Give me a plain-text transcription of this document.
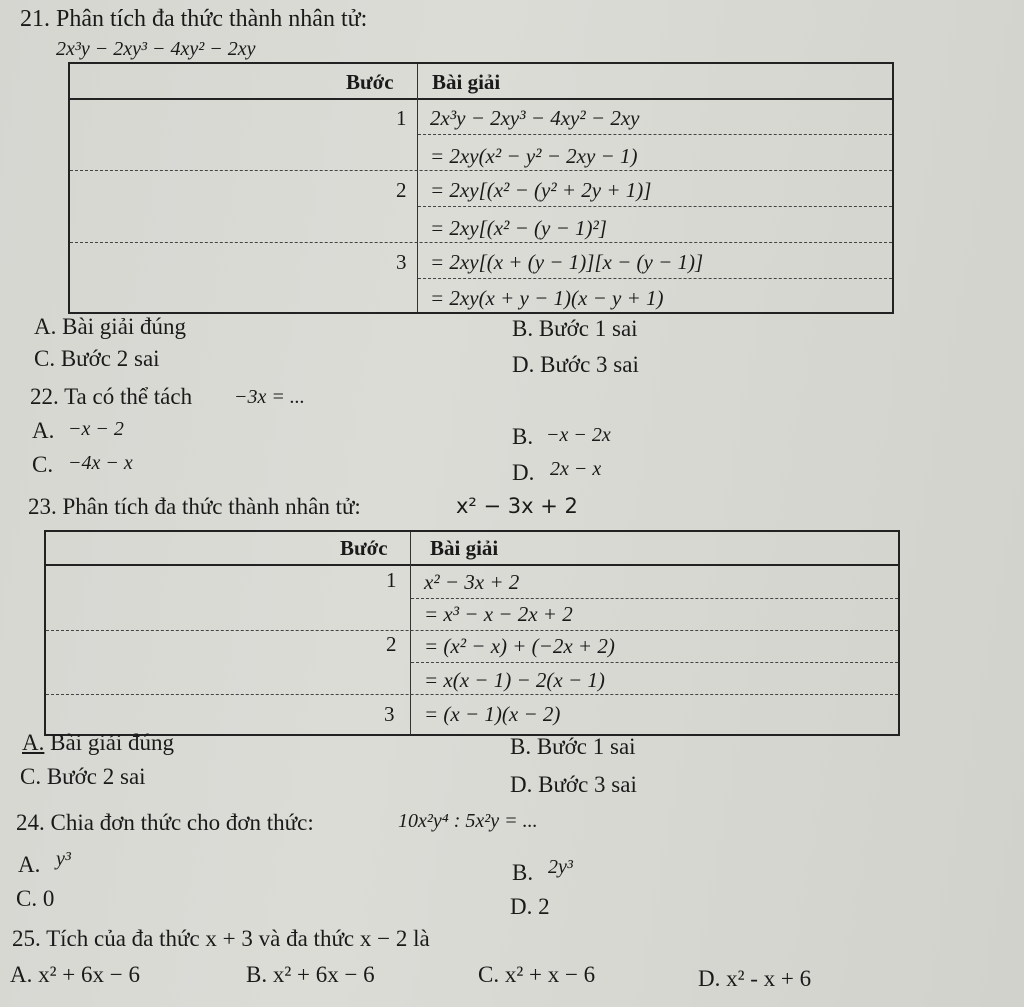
21. Phân tích đa thức thành nhân tử:
2x³y − 2xy³ − 4xy² − 2xy
Bước Bài giải
1 2x³y − 2xy³ − 4xy² − 2xy
= 2xy(x² − y² − 2xy − 1)
2 = 2xy[(x² − (y² + 2y + 1)]
= 2xy[(x² − (y − 1)²]
3 = 2xy[(x + (y − 1)][x − (y − 1)]
= 2xy(x + y − 1)(x − y + 1)
A. Bài giải đúng	B. Bước 1 sai
C. Bước 2 sai	D. Bước 3 sai
22. Ta có thể tách −3x = ...
A. −x − 2	B. −x − 2x
C. −4x − x	D. 2x − x
23. Phân tích đa thức thành nhân tử:	x² − 3x + 2
Bước Bài giải
1 x² − 3x + 2
= x³ − x − 2x + 2
2 = (x² − x) + (−2x + 2)
= x(x − 1) − 2(x − 1)
3 = (x − 1)(x − 2)
A. Bài giải đúng	B. Bước 1 sai
C. Bước 2 sai	D. Bước 3 sai
24. Chia đơn thức cho đơn thức:	10x²y⁴ : 5x²y = ...
A. y³
B. 2y³
C. 0	D. 2
25. Tích của đa thức x + 3 và đa thức x − 2 là
A. x² + 6x − 6	B. x² + 6x − 6	C. x² + x − 6	D. x² - x + 6
